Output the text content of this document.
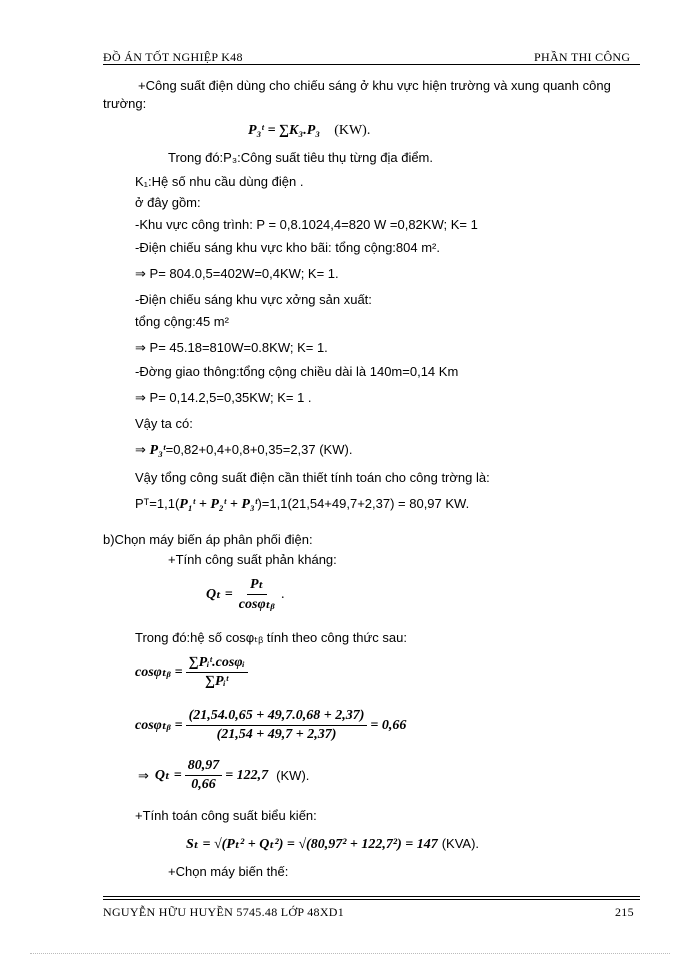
ĐỒ ÁN TỐT NGHIỆP K48	PHẦN THI CÔNG
+Công suất điện dùng cho chiếu sáng ở khu vực hiện trường và xung quanh công
trường:
P₃ᵗ = ∑K₃.P₃ (KW).
Trong đó:P₃:Công suất tiêu thụ từng địa điểm.
K₁:Hệ số nhu cầu dùng điện .
ở đây gồm:
-Khu vực công trình: P = 0,8.1024,4=820 W =0,82KW; K= 1
-Điện chiếu sáng khu vực kho bãi: tổng cộng:804 m².
⇒ P= 804.0,5=402W=0,4KW; K= 1.
-Điện chiếu sáng khu vực xởng sản xuất:
tổng cộng:45 m²
⇒ P= 45.18=810W=0.8KW; K= 1.
-Đờng giao thông:tổng cộng chiều dài là 140m=0,14 Km
⇒ P= 0,14.2,5=0,35KW; K= 1 .
Vậy ta có:
⇒ P₃ᵗ=0,82+0,4+0,8+0,35=2,37 (KW).
Vậy tổng công suất điện cần thiết tính toán cho công trờng là:
Pᵀ=1,1(P₁ᵗ + P₂ᵗ + P₃ᵗ)=1,1(21,54+49,7+2,37) = 80,97 KW.
b)Chọn máy biến áp phân phối điện:
+Tính công suất phản kháng:
$Q_t = \frac{\text{Pₜ}}{\text{cosφₜᵦ}}$ .
Trong đó:hệ số cosφₜᵦ tính theo công thức sau:
cosφₜᵦ = $\frac{\text{∑Pᵢᵗ.cosφᵢ}}{\text{∑Pᵢᵗ}}$
cosφₜᵦ = $\frac{(21,54.0,65 + 49,7.0,68 + 2,37)}{(21,54 + 49,7 + 2,37)} = 0,66$
⇒ $Q_t = \frac{80,97}{0,66} = 122,7$ (KW).
+Tính toán công suất biểu kiến:
Sₜ = √(Pₜ² + Qₜ²) = √(80,97² + 122,7²) = 147 (KVA).
+Chọn máy biến thế:
NGUYỄN HỮU HUYỀN 5745.48 LỚP 48XD1	215
